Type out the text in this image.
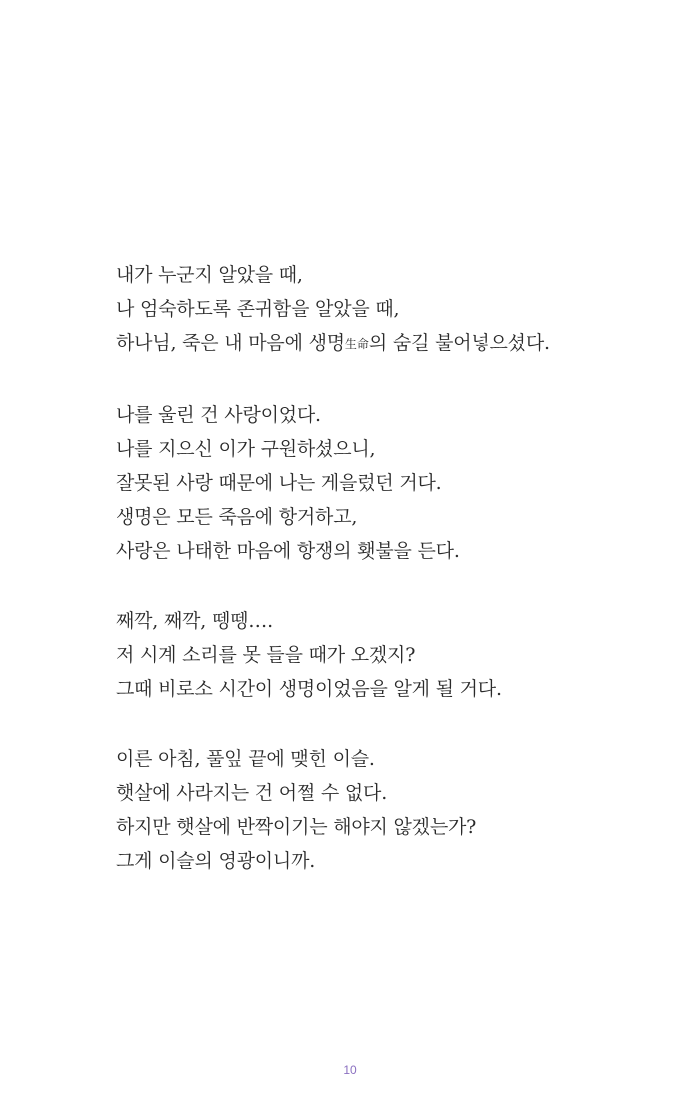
내가 누군지 알았을 때,
나 엄숙하도록 존귀함을 알았을 때,
하나님, 죽은 내 마음에 생명生命의 숨길 불어넣으셨다.
나를 울린 건 사랑이었다.
나를 지으신 이가 구원하셨으니,
잘못된 사랑 때문에 나는 게을렀던 거다.
생명은 모든 죽음에 항거하고,
사랑은 나태한 마음에 항쟁의 횃불을 든다.
째깍, 째깍, 뗑뗑….
저 시계 소리를 못 들을 때가 오겠지?
그때 비로소 시간이 생명이었음을 알게 될 거다.
이른 아침, 풀잎 끝에 맺힌 이슬.
햇살에 사라지는 건 어쩔 수 없다.
하지만 햇살에 반짝이기는 해야지 않겠는가?
그게 이슬의 영광이니까.
10
